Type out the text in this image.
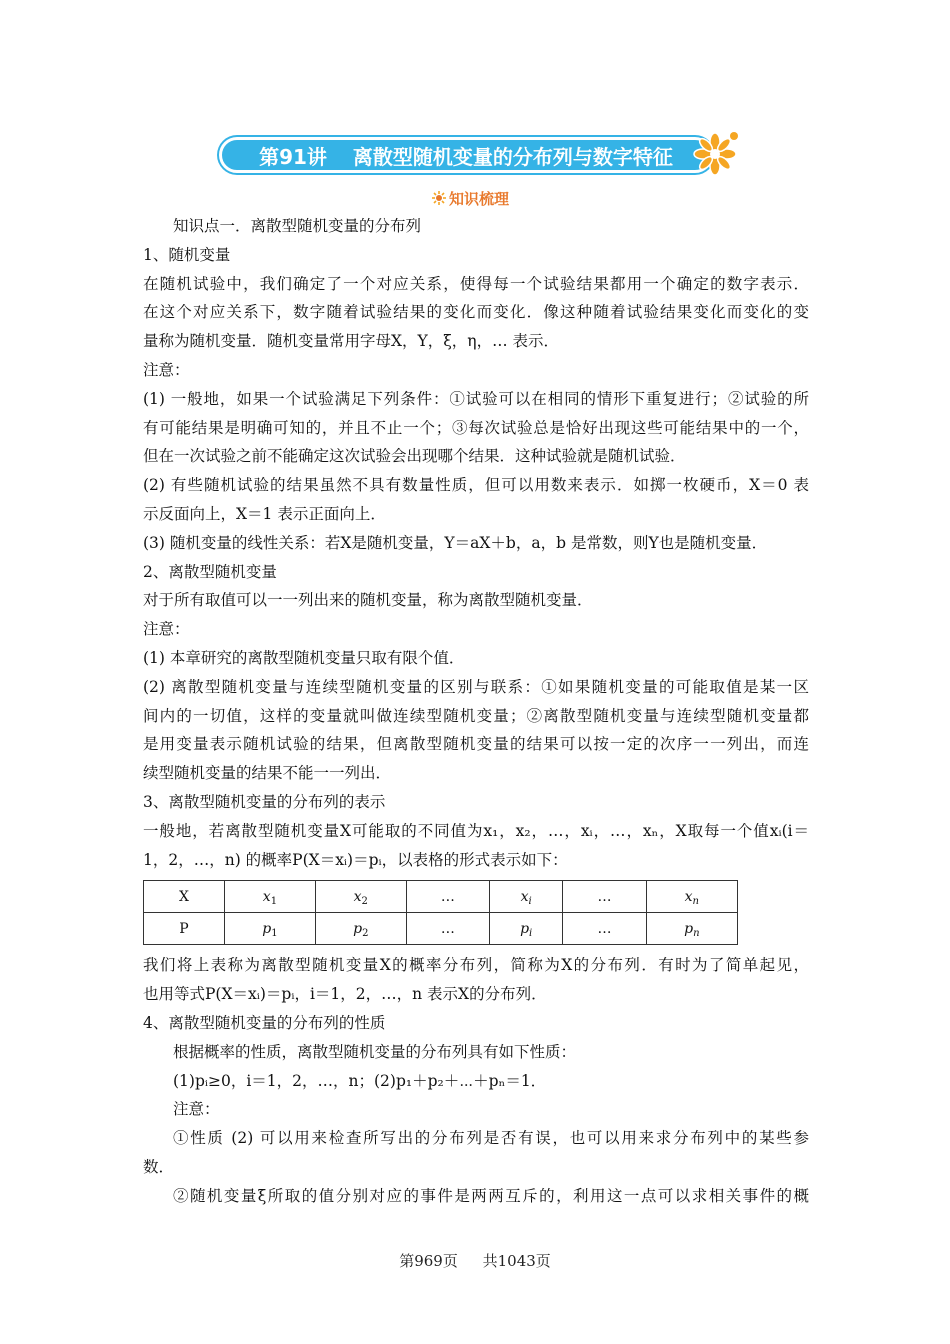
第91讲 离散型随机变量的分布列与数字特征
知识梳理
知识点一．离散型随机变量的分布列
1、随机变量
在随机试验中，我们确定了一个对应关系，使得每一个试验结果都用一个确定的数字表示．
在这个对应关系下，数字随着试验结果的变化而变化．像这种随着试验结果变化而变化的变
量称为随机变量．随机变量常用字母X，Y，ξ，η，… 表示．
注意：
(1) 一般地，如果一个试验满足下列条件：①试验可以在相同的情形下重复进行；②试验的所
有可能结果是明确可知的，并且不止一个；③每次试验总是恰好出现这些可能结果中的一个，
但在一次试验之前不能确定这次试验会出现哪个结果．这种试验就是随机试验．
(2) 有些随机试验的结果虽然不具有数量性质，但可以用数来表示．如掷一枚硬币，X＝0 表
示反面向上，X＝1 表示正面向上．
(3) 随机变量的线性关系：若X是随机变量，Y＝aX＋b，a，b 是常数，则Y也是随机变量．
2、离散型随机变量
对于所有取值可以一一列出来的随机变量，称为离散型随机变量．
注意：
(1) 本章研究的离散型随机变量只取有限个值．
(2) 离散型随机变量与连续型随机变量的区别与联系：①如果随机变量的可能取值是某一区
间内的一切值，这样的变量就叫做连续型随机变量；②离散型随机变量与连续型随机变量都
是用变量表示随机试验的结果，但离散型随机变量的结果可以按一定的次序一一列出，而连
续型随机变量的结果不能一一列出．
3、离散型随机变量的分布列的表示
一般地，若离散型随机变量X可能取的不同值为x₁，x₂，…，xᵢ，…，xₙ，X取每一个值xᵢ(i＝
1，2，…，n) 的概率P(X＝xᵢ)＝pᵢ，以表格的形式表示如下：
X	$x_1$	$x_2$	…	$x_i$	…	$x_n$
P	$p_1$	$p_2$	…	$p_i$	…	$p_n$
我们将上表称为离散型随机变量X的概率分布列，简称为X的分布列．有时为了简单起见，
也用等式P(X＝xᵢ)＝pᵢ，i＝1，2，…，n 表示X的分布列．
4、离散型随机变量的分布列的性质
根据概率的性质，离散型随机变量的分布列具有如下性质：
(1)pᵢ≥0，i＝1，2，…，n；(2)p₁＋p₂＋⋯＋pₙ＝1．
注意：
①性质 (2) 可以用来检查所写出的分布列是否有误，也可以用来求分布列中的某些参
数．
②随机变量ξ所取的值分别对应的事件是两两互斥的，利用这一点可以求相关事件的概
第969页 共1043页
